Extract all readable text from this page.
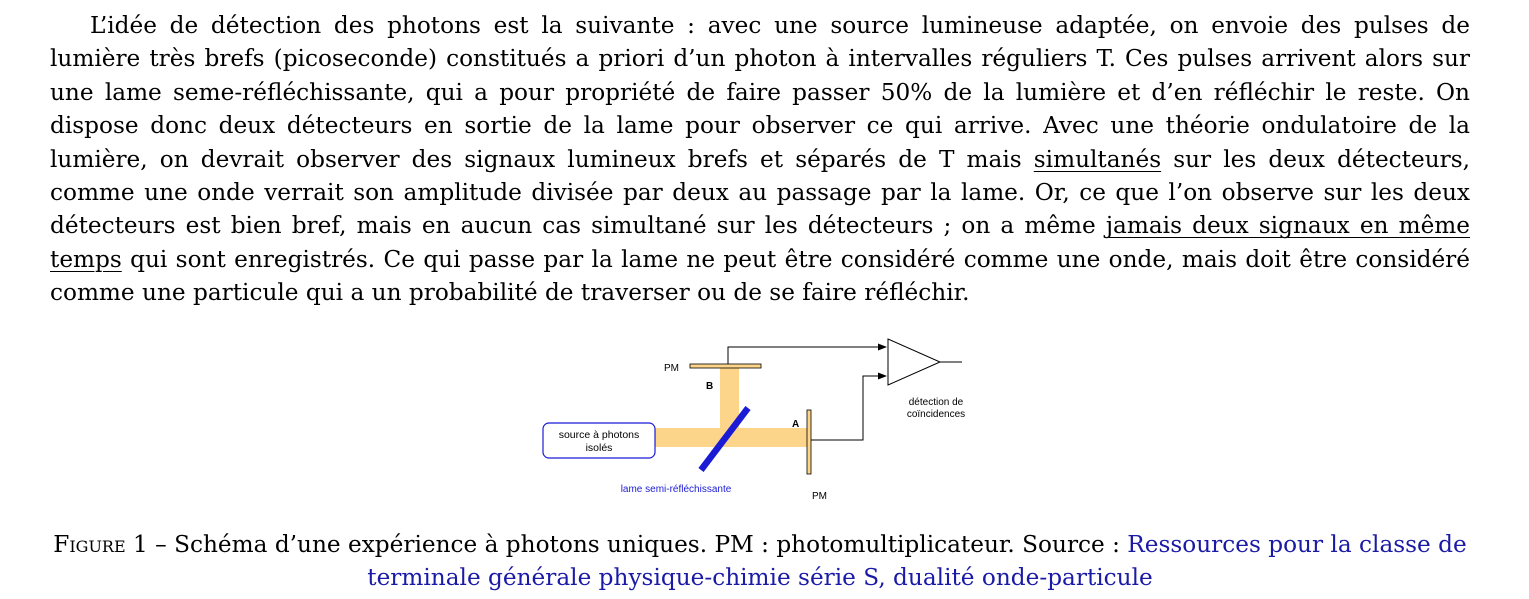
L’idée de détection des photons est la suivante : avec une source lumineuse adaptée, on envoie des pulses de lumière très brefs (picoseconde) constitués a priori d’un photon à intervalles réguliers T. Ces pulses arrivent alors sur une lame seme-réfléchissante, qui a pour propriété de faire passer 50% de la lumière et d’en réfléchir le reste. On dispose donc deux détecteurs en sortie de la lame pour observer ce qui arrive. Avec une théorie ondulatoire de la lumière, on devrait observer des signaux lumineux brefs et séparés de T mais simultanés sur les deux détecteurs, comme une onde verrait son amplitude divisée par deux au passage par la lame. Or, ce que l’on observe sur les deux détecteurs est bien bref, mais en aucun cas simultané sur les détecteurs ; on a même jamais deux signaux en même temps qui sont enregistrés. Ce qui passe par la lame ne peut être considéré comme une onde, mais doit être considéré comme une particule qui a un probabilité de traverser ou de se faire réfléchir.

source à photons
isolés
lame semi-réfléchissante
PM
B
A
PM
détection de
coïncidences

Figure 1 – Schéma d’une expérience à photons uniques. PM : photomultiplicateur. Source : Ressources pour la classe de terminale générale physique-chimie série S, dualité onde-particule
